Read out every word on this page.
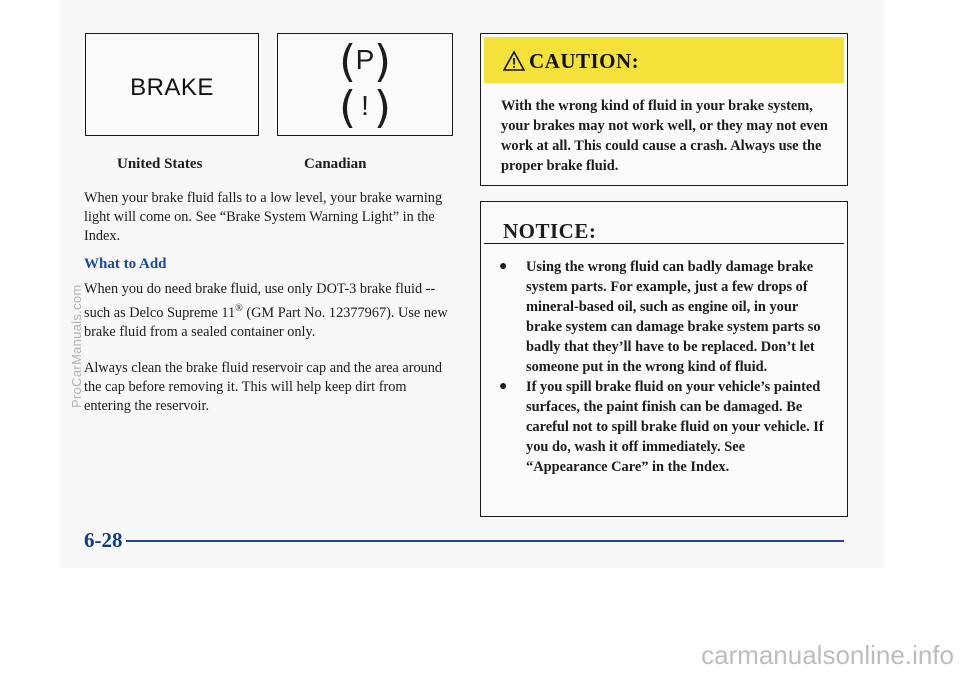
BRAKE
United States
( P )
( ! )
Canadian
When your brake fluid falls to a low level, your brake warning light will come on. See “Brake System Warning Light” in the Index.
What to Add
When you do need brake fluid, use only DOT-3 brake fluid -- such as Delco Supreme 11® (GM Part No. 12377967). Use new brake fluid from a sealed container only.
Always clean the brake fluid reservoir cap and the area around the cap before removing it. This will help keep dirt from entering the reservoir.
CAUTION:
With the wrong kind of fluid in your brake system, your brakes may not work well, or they may not even work at all. This could cause a crash. Always use the proper brake fluid.
NOTICE:
● Using the wrong fluid can badly damage brake system parts. For example, just a few drops of mineral-based oil, such as engine oil, in your brake system can damage brake system parts so badly that they’ll have to be replaced. Don’t let someone put in the wrong kind of fluid.
● If you spill brake fluid on your vehicle’s painted surfaces, the paint finish can be damaged. Be careful not to spill brake fluid on your vehicle. If you do, wash it off immediately. See “Appearance Care” in the Index.
6-28
ProCarManuals.com
carmanualsonline.info
